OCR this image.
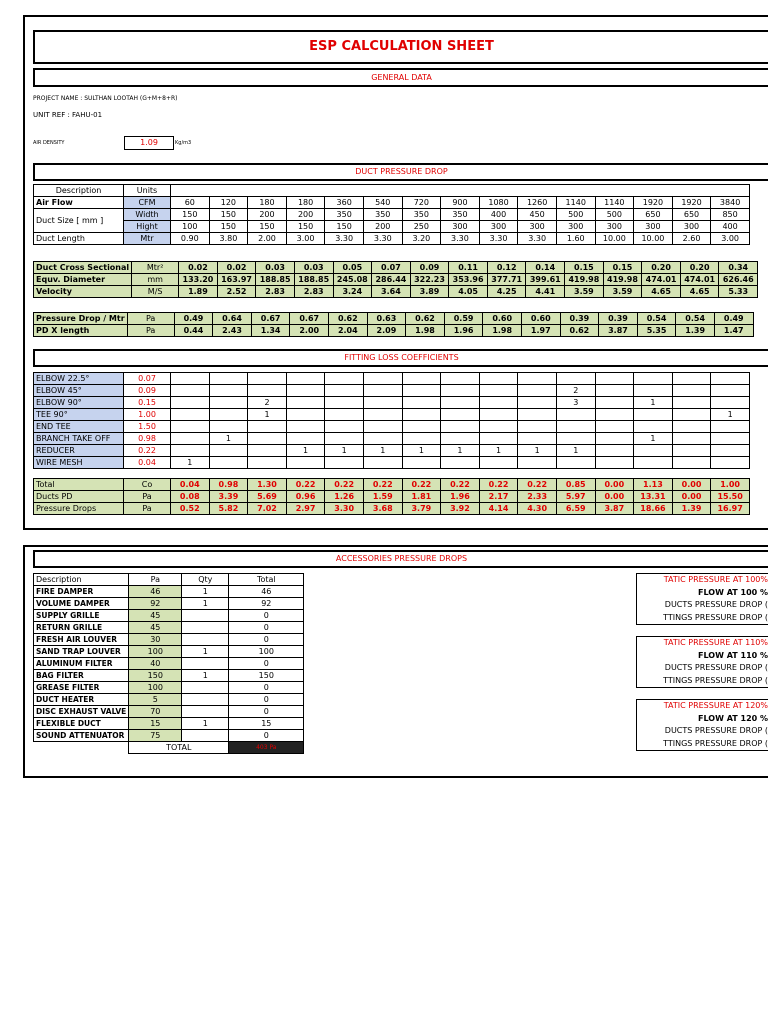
ESP CALCULATION SHEET
GENERAL DATA
PROJECT NAME : SULTHAN LOOTAH (G+M+8+R)
UNIT REF : FAHU-01
AIR DENSITY	1.09	Kg/m3
DUCT PRESSURE DROP
Description	Units															
Air Flow	CFM	60	120	180	180	360	540	720	900	1080	1260	1140	1140	1920	1920	3840
Duct Size [ mm ]	Width	150	150	200	200	350	350	350	350	400	450	500	500	650	650	850
	Hight	100	150	150	150	150	200	250	300	300	300	300	300	300	300	400
Duct Length	Mtr	0.90	3.80	2.00	3.00	3.30	3.30	3.20	3.30	3.30	3.30	1.60	10.00	10.00	2.60	3.00
Duct Cross Sectional	Mtr²	0.02	0.02	0.03	0.03	0.05	0.07	0.09	0.11	0.12	0.14	0.15	0.15	0.20	0.20	0.34
Equv. Diameter	mm	133.20	163.97	188.85	188.85	245.08	286.44	322.23	353.96	377.71	399.61	419.98	419.98	474.01	474.01	626.46
Velocity	M/S	1.89	2.52	2.83	2.83	3.24	3.64	3.89	4.05	4.25	4.41	3.59	3.59	4.65	4.65	5.33
Pressure Drop / Mtr	Pa	0.49	0.64	0.67	0.67	0.62	0.63	0.62	0.59	0.60	0.60	0.39	0.39	0.54	0.54	0.49
PD X length	Pa	0.44	2.43	1.34	2.00	2.04	2.09	1.98	1.96	1.98	1.97	0.62	3.87	5.35	1.39	1.47
FITTING LOSS COEFFICIENTS
ELBOW 22.5°	0.07															
ELBOW 45°	0.09											2				
ELBOW 90°	0.15			2								3		1		
TEE 90°	1.00			1												1
END TEE	1.50															
BRANCH TAKE OFF	0.98		1											1		
REDUCER	0.22				1	1	1	1	1	1	1	1				
WIRE MESH	0.04	1														
Total	Co	0.04	0.98	1.30	0.22	0.22	0.22	0.22	0.22	0.22	0.22	0.85	0.00	1.13	0.00	1.00
Ducts PD	Pa	0.08	3.39	5.69	0.96	1.26	1.59	1.81	1.96	2.17	2.33	5.97	0.00	13.31	0.00	15.50
Pressure Drops	Pa	0.52	5.82	7.02	2.97	3.30	3.68	3.79	3.92	4.14	4.30	6.59	3.87	18.66	1.39	16.97
ACCESSORIES PRESSURE DROPS
Description	Pa	Qty	Total
FIRE DAMPER	46	1	46
VOLUME DAMPER	92	1	92
SUPPLY GRILLE	45		0
RETURN GRILLE	45		0
FRESH AIR LOUVER	30		0
SAND TRAP LOUVER	100	1	100
ALUMINUM FILTER	40		0
BAG FILTER	150	1	150
GREASE FILTER	100		0
DUCT HEATER	5		0
DISC EXHAUST VALVE	70		0
FLEXIBLE DUCT	15	1	15
SOUND ATTENUATOR	75		0
	TOTAL		403 Pa
TATIC PRESSURE AT 100%
FLOW AT 100 %
DUCTS PRESSURE DROP (
TTINGS PRESSURE DROP (
TATIC PRESSURE AT 110%
FLOW AT 110 %
DUCTS PRESSURE DROP (
TTINGS PRESSURE DROP (
TATIC PRESSURE AT 120%
FLOW AT 120 %
DUCTS PRESSURE DROP (
TTINGS PRESSURE DROP (
